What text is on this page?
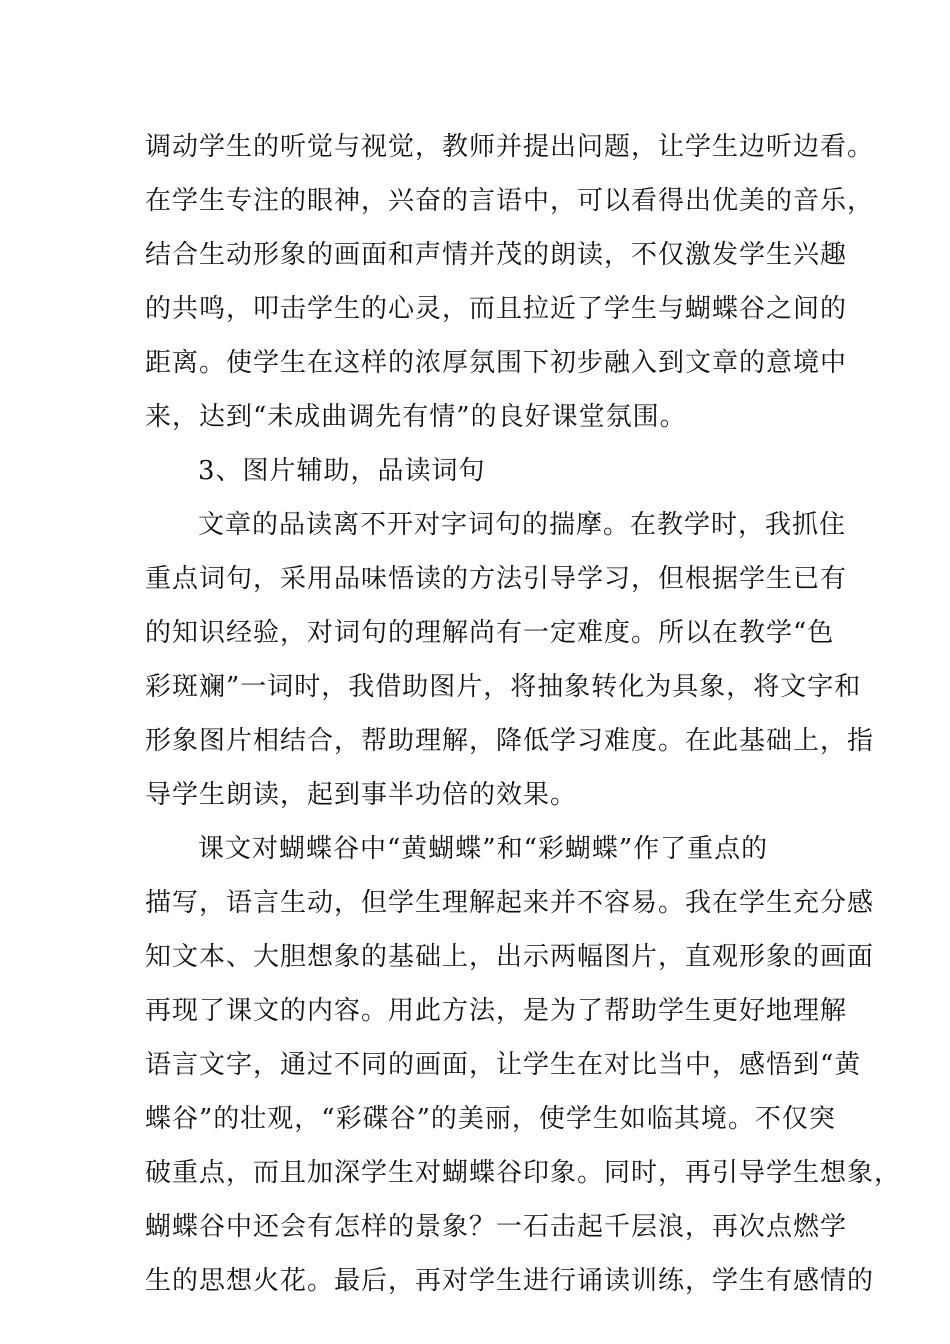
调动学生的听觉与视觉，教师并提出问题，让学生边听边看。
在学生专注的眼神，兴奋的言语中，可以看得出优美的音乐，
结合生动形象的画面和声情并茂的朗读，不仅激发学生兴趣
的共鸣，叩击学生的心灵，而且拉近了学生与蝴蝶谷之间的
距离。使学生在这样的浓厚氛围下初步融入到文章的意境中
来，达到“未成曲调先有情”的良好课堂氛围。
3、图片辅助，品读词句
文章的品读离不开对字词句的揣摩。在教学时，我抓住
重点词句，采用品味悟读的方法引导学习，但根据学生已有
的知识经验，对词句的理解尚有一定难度。所以在教学“色
彩斑斓”一词时，我借助图片，将抽象转化为具象，将文字和
形象图片相结合，帮助理解，降低学习难度。在此基础上，指
导学生朗读，起到事半功倍的效果。
课文对蝴蝶谷中“黄蝴蝶”和“彩蝴蝶”作了重点的
描写，语言生动，但学生理解起来并不容易。我在学生充分感
知文本、大胆想象的基础上，出示两幅图片，直观形象的画面
再现了课文的内容。用此方法，是为了帮助学生更好地理解
语言文字，通过不同的画面，让学生在对比当中，感悟到“黄
蝶谷”的壮观，“彩碟谷”的美丽，使学生如临其境。不仅突
破重点，而且加深学生对蝴蝶谷印象。同时，再引导学生想象，
蝴蝶谷中还会有怎样的景象？一石击起千层浪，再次点燃学
生的思想火花。最后，再对学生进行诵读训练，学生有感情的
